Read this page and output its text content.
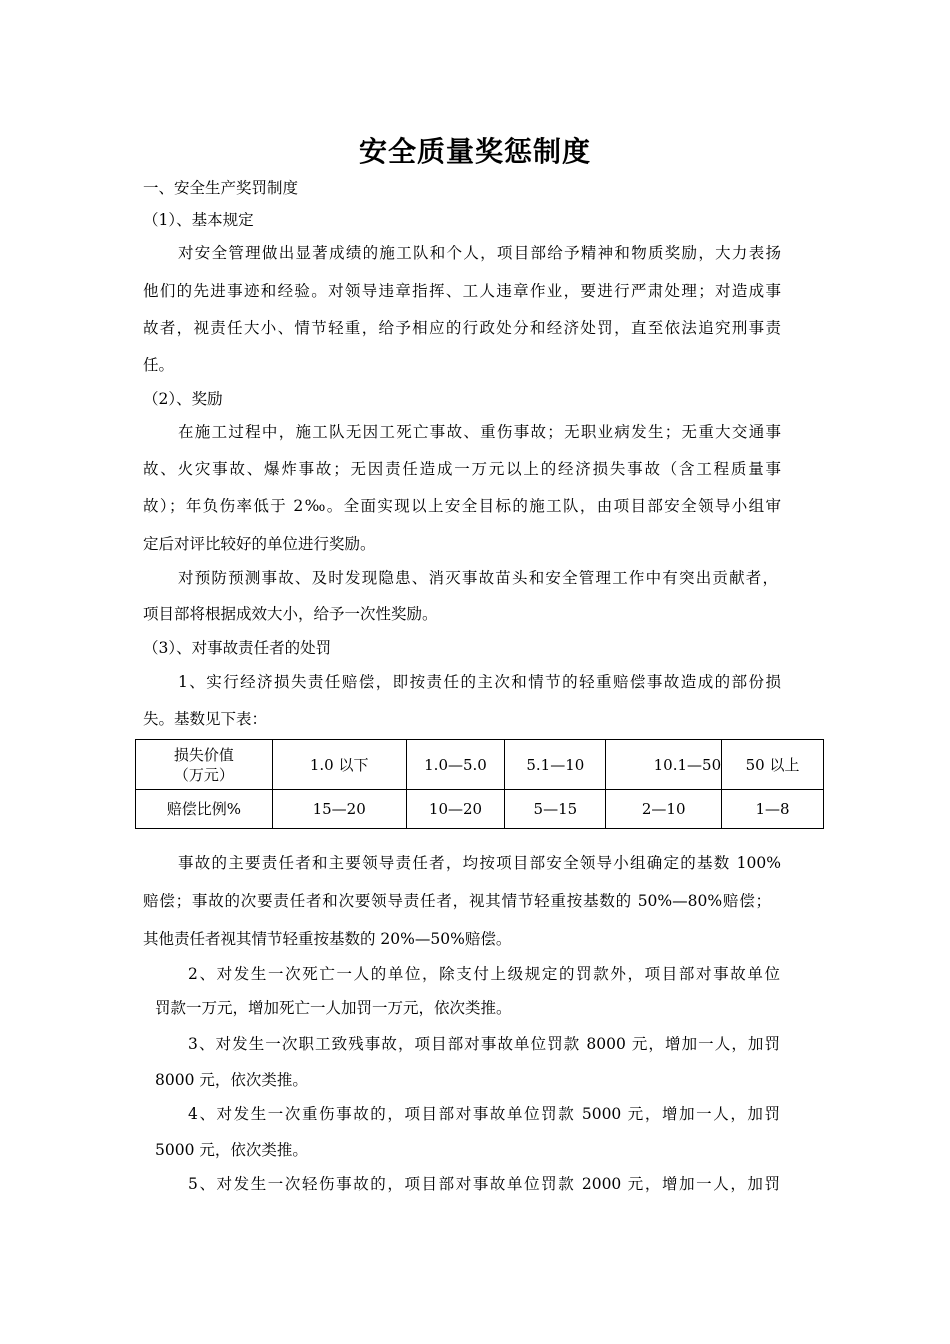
安全质量奖惩制度
一、安全生产奖罚制度
（1）、基本规定
对安全管理做出显著成绩的施工队和个人，项目部给予精神和物质奖励，大力表扬
他们的先进事迹和经验。对领导违章指挥、工人违章作业，要进行严肃处理；对造成事
故者，视责任大小、情节轻重，给予相应的行政处分和经济处罚，直至依法追究刑事责
任。
（2）、奖励
在施工过程中，施工队无因工死亡事故、重伤事故；无职业病发生；无重大交通事
故、火灾事故、爆炸事故；无因责任造成一万元以上的经济损失事故（含工程质量事
故）；年负伤率低于 2‰。全面实现以上安全目标的施工队，由项目部安全领导小组审
定后对评比较好的单位进行奖励。
对预防预测事故、及时发现隐患、消灭事故苗头和安全管理工作中有突出贡献者，
项目部将根据成效大小，给予一次性奖励。
（3）、对事故责任者的处罚
1、实行经济损失责任赔偿，即按责任的主次和情节的轻重赔偿事故造成的部份损
失。基数见下表：
损失价值
（万元）	1.0 以下	1.0—5.0	5.1—10	10.1—50	50 以上
赔偿比例%	15—20	10—20	5—15	2—10	1—8
事故的主要责任者和主要领导责任者，均按项目部安全领导小组确定的基数 100%
赔偿；事故的次要责任者和次要领导责任者，视其情节轻重按基数的 50%—80%赔偿；
其他责任者视其情节轻重按基数的 20%—50%赔偿。
2、对发生一次死亡一人的单位，除支付上级规定的罚款外，项目部对事故单位
罚款一万元，增加死亡一人加罚一万元，依次类推。
3、对发生一次职工致残事故，项目部对事故单位罚款 8000 元，增加一人，加罚
8000 元，依次类推。
4、对发生一次重伤事故的，项目部对事故单位罚款 5000 元，增加一人，加罚
5000 元，依次类推。
5、对发生一次轻伤事故的，项目部对事故单位罚款 2000 元，增加一人，加罚
